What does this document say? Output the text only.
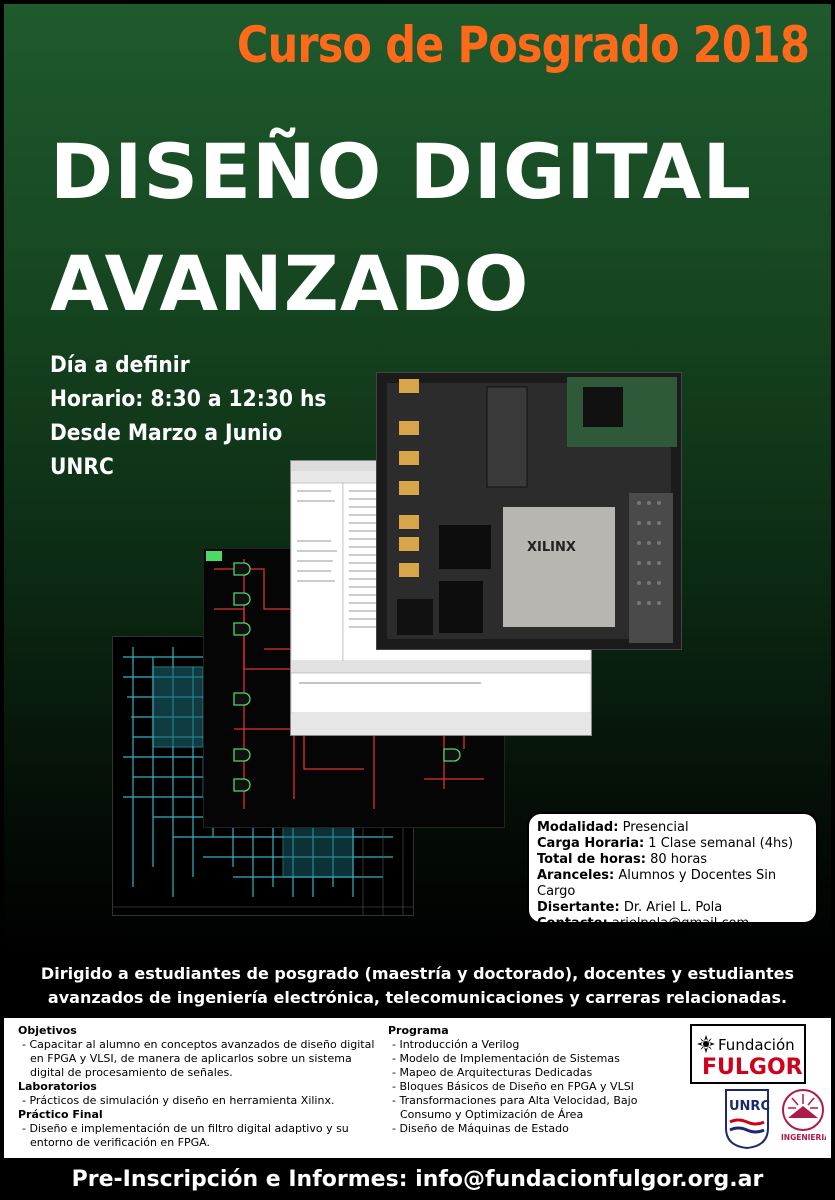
Curso de Posgrado 2018
DISEÑO DIGITAL
AVANZADO
Día a definir
Horario: 8:30 a 12:30 hs
Desde Marzo a Junio
UNRC
XILINX
Modalidad: Presencial
Carga Horaria: 1 Clase semanal (4hs)
Total de horas: 80 horas
Aranceles: Alumnos y Docentes Sin Cargo
Disertante: Dr. Ariel L. Pola
Contacto: arielpola@gmail.com
Dirigido a estudiantes de posgrado (maestría y doctorado), docentes y estudiantes
avanzados de ingeniería electrónica, telecomunicaciones y carreras relacionadas.
Objetivos
- Capacitar al alumno en conceptos avanzados de diseño digital en FPGA y VLSI, de manera de aplicarlos sobre un sistema digital de procesamiento de señales.
Laboratorios
- Prácticos de simulación y diseño en herramienta Xilinx.
Práctico Final
- Diseño e implementación de un filtro digital adaptivo y su entorno de verificación en FPGA.
Programa
- Introducción a Verilog
- Modelo de Implementación de Sistemas
- Mapeo de Arquitecturas Dedicadas
- Bloques Básicos de Diseño en FPGA y VLSI
- Transformaciones para Alta Velocidad, Bajo Consumo y Optimización de Área
- Diseño de Máquinas de Estado
Fundación
FULGOR
UNRC
INGENIERIA
Pre-Inscripción e Informes: info@fundacionfulgor.org.ar
